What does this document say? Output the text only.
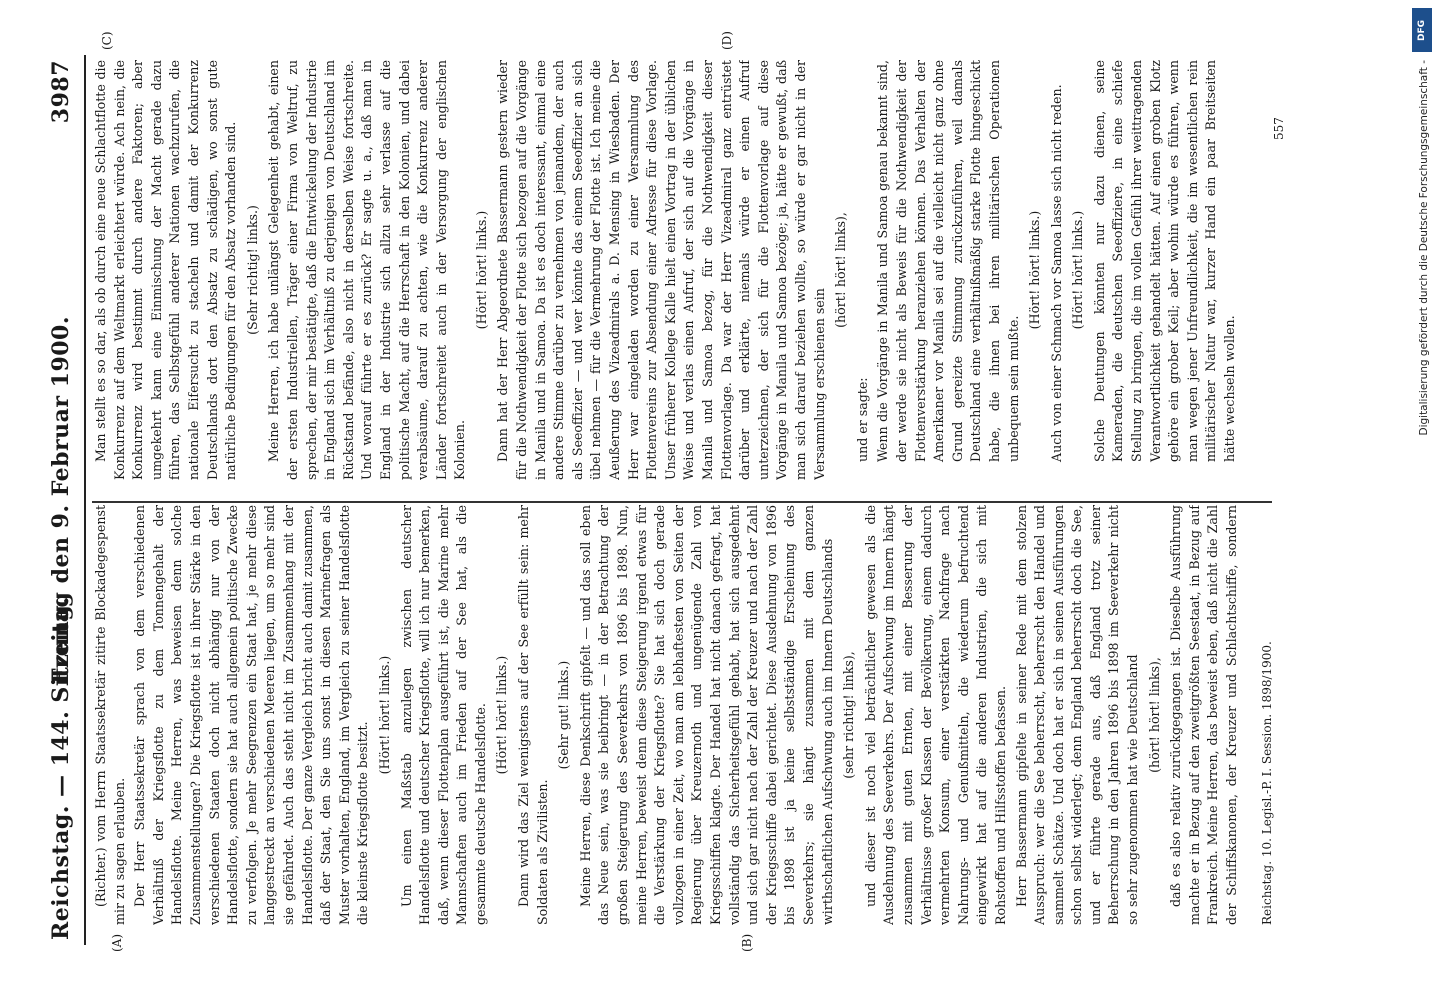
Reichstag. — 144. Sitzung.
Freitag den 9. Februar 1900.
3987
(A)	(B)
(C)	(D)

(Richter.) vom Herrn Staatssekretär zitirte Blockadegespenst mir zu sagen erlauben. Der Herr Staatssekretär sprach von dem verschiedenen Verhältniß der Kriegsflotte zu dem Tonnengehalt der Handelsflotte. Meine Herren, was beweisen denn solche Zusammenstellungen? Die Kriegsflotte ist in ihrer Stärke in den verschiedenen Staaten doch nicht abhängig nur von der Handelsflotte, sondern sie hat auch allgemein politische Zwecke zu verfolgen. Je mehr Seegrenzen ein Staat hat, je mehr diese langgestreckt an verschiedenen Meeren liegen, um so mehr sind sie gefährdet. Auch das steht nicht im Zusammenhang mit der Handelsflotte. Der ganze Vergleich bricht auch damit zusammen, daß der Staat, den Sie uns sonst in diesen Marinefragen als Muster vorhalten, England, im Vergleich zu seiner Handelsflotte die kleinste Kriegsflotte besitzt.

(Hört! hört! links.) Um einen Maßstab anzulegen zwischen deutscher Handelsflotte und deutscher Kriegsflotte, will ich nur bemerken, daß, wenn dieser Flottenplan ausgeführt ist, die Marine mehr Mannschaften auch im Frieden auf der See hat, als die gesammte deutsche Handelsflotte. (Hört! hört! links.) Dann wird das Ziel wenigstens auf der See erfüllt sein: mehr Soldaten als Zivilisten.

(Sehr gut! links.) Meine Herren, diese Denkschrift gipfelt — und das soll eben das Neue sein, was sie beibringt — in der Betrachtung der großen Steigerung des Seeverkehrs von 1896 bis 1898. Nun, meine Herren, beweist denn diese Steigerung irgend etwas für die Verstärkung der Kriegsflotte? Sie hat sich doch gerade vollzogen in einer Zeit, wo man am lebhaftesten von Seiten der Regierung über Kreuzernoth und ungenügende Zahl von Kriegsschiffen klagte. Der Handel hat nicht danach gefragt, hat vollständig das Sicherheitsgefühl gehabt, hat sich ausgedehnt und sich gar nicht nach der Zahl der Kreuzer und nach der Zahl der Kriegsschiffe dabei gerichtet. Diese Ausdehnung von 1896 bis 1898 ist ja keine selbstständige Erscheinung des Seeverkehrs; sie hängt zusammen mit dem ganzen wirthschaftlichen Aufschwung auch im Innern Deutschlands (sehr richtig! links), und dieser ist noch viel beträchtlicher gewesen als die Ausdehnung des Seeverkehrs. Der Aufschwung im Innern hängt zusammen mit guten Ernten, mit einer Besserung der Verhältnisse großer Klassen der Bevölkerung, einem dadurch vermehrten Konsum, einer verstärkten Nachfrage nach Nahrungs- und Genußmitteln, die wiederum befruchtend eingewirkt hat auf die anderen Industrien, die sich mit Rohstoffen und Hilfsstoffen befassen. Herr Bassermann gipfelte in seiner Rede mit dem stolzen Ausspruch: wer die See beherrscht, beherrscht den Handel und sammelt Schätze. Und doch hat er sich in seinen Ausführungen schon selbst widerlegt; denn England beherrscht doch die See, und er führte gerade aus, daß England trotz seiner Beherrschung in den Jahren 1896 bis 1898 im Seeverkehr nicht so sehr zugenommen hat wie Deutschland (hört! hört! links),

daß es also relativ zurückgegangen ist. Dieselbe Ausführung machte er in Bezug auf den zweitgrößten Seestaat, in Bezug auf Frankreich. Meine Herren, das beweist eben, daß nicht die Zahl der Schiffskanonen, der Kreuzer und Schlachtschiffe, sondern

Man stellt es so dar, als ob durch eine neue Schlachtflotte die Konkurrenz auf dem Weltmarkt erleichtert würde. Ach nein, die Konkurrenz wird bestimmt durch andere Faktoren; aber umgekehrt kann eine Einmischung der Macht gerade dazu führen, das Selbstgefühl anderer Nationen wachzurufen, die nationale Eifersucht zu stacheln und damit der Konkurrenz Deutschlands dort den Absatz zu schädigen, wo sonst gute natürliche Bedingungen für den Absatz vorhanden sind. (Sehr richtig! links.) Meine Herren, ich habe unlängst Gelegenheit gehabt, einen der ersten Industriellen, Träger einer Firma von Weltruf, zu sprechen, der mir bestätigte, daß die Entwickelung der Industrie in England sich im Verhältniß zu derjenigen von Deutschland im Rückstand befände, also nicht in derselben Weise fortschreite. Und worauf führte er es zurück? Er sagte u. a., daß man in England in der Industrie sich allzu sehr verlasse auf die politische Macht, auf die Herrschaft in den Kolonien, und dabei verabsäume, darauf zu achten, wie die Konkurrenz anderer Länder fortschreitet auch in der Versorgung der englischen Kolonien.

(Hört! hört! links.) Dann hat der Herr Abgeordnete Bassermann gestern wieder für die Nothwendigkeit der Flotte sich bezogen auf die Vorgänge in Manila und in Samoa. Da ist es doch interessant, einmal eine andere Stimme darüber zu vernehmen von jemandem, der auch als Seeoffizier — und wer könnte das einem Seeoffizier an sich übel nehmen — für die Vermehrung der Flotte ist. Ich meine die Aeußerung des Vizeadmirals a. D. Mensing in Wiesbaden. Der Herr war eingeladen worden zu einer Versammlung des Flottenvereins zur Absendung einer Adresse für diese Vorlage. Unser früherer Kollege Kalle hielt einen Vortrag in der üblichen Weise und verlas einen Aufruf, der sich auf die Vorgänge in Manila und Samoa bezog, für die Nothwendigkeit dieser Flottenvorlage. Da war der Herr Vizeadmiral ganz entrüstet darüber und erklärte, niemals würde er einen Aufruf unterzeichnen, der sich für die Flottenvorlage auf diese Vorgänge in Manila und Samoa bezöge; ja, hätte er gewußt, daß man sich darauf beziehen wollte, so würde er gar nicht in der Versammlung erschienen sein

(hört! hört! links),

und er sagte: Wenn die Vorgänge in Manila und Samoa genau bekannt sind, der werde sie nicht als Beweis für die Nothwendigkeit der Flottenverstärkung heranziehen können. Das Verhalten der Amerikaner vor Manila sei auf die vielleicht nicht ganz ohne Grund gereizte Stimmung zurückzuführen, weil damals Deutschland eine verhältnißmäßig starke Flotte hingeschickt habe, die ihnen bei ihren militärischen Operationen unbequem sein mußte.

(Hört! hört! links.) Auch von einer Schmach vor Samoa lasse sich nicht reden. (Hört! hört! links.) Solche Deutungen könnten nur dazu dienen, seine Kameraden, die deutschen Seeoffiziere, in eine schiefe Stellung zu bringen, die im vollen Gefühl ihrer weittragenden Verantwortlichkeit gehandelt hätten. Auf einen groben Klotz gehöre ein grober Keil; aber wohin würde es führen, wenn man wegen jener Unfreundlichkeit, die im wesentlichen rein militärischer Natur war, kurzer Hand ein paar Breitseiten hätte wechseln wollen.

Reichstag. 10. Legisl.-P. I. Session. 1898/1900.
557
DFG
Digitalisierung gefördert durch die Deutsche Forschungsgemeinschaft -
